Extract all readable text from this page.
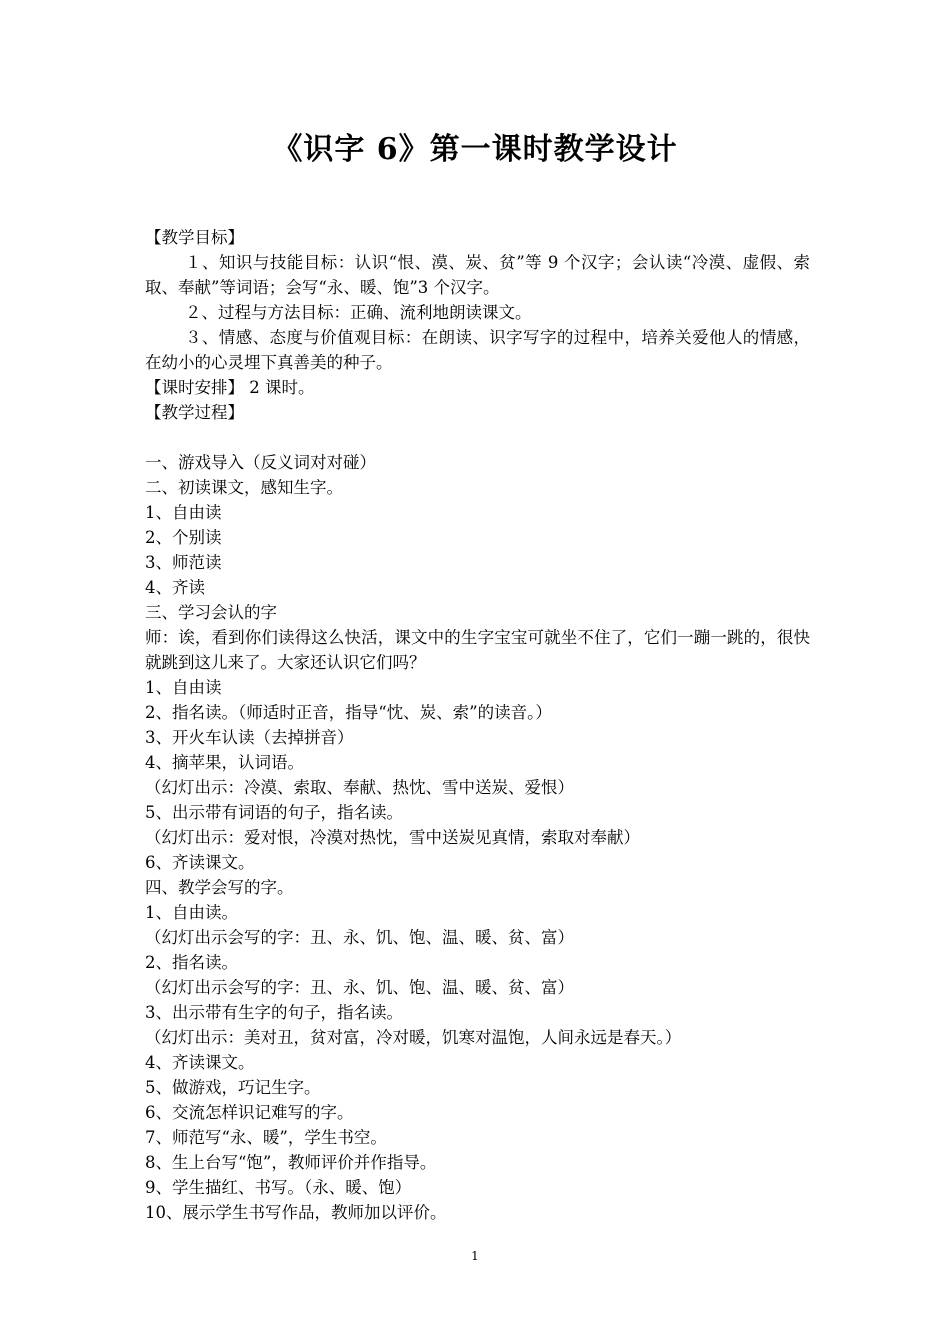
《识字 6》第一课时教学设计

【教学目标】

１、知识与技能目标：认识“恨、漠、炭、贫”等 9 个汉字；会认读“冷漠、虚假、索取、奉献”等词语；会写“永、暖、饱”3 个汉字。

２、过程与方法目标：正确、流利地朗读课文。

３、情感、态度与价值观目标：在朗读、识字写字的过程中，培养关爱他人的情感，在幼小的心灵埋下真善美的种子。

【课时安排】 2 课时。

【教学过程】

一、游戏导入（反义词对对碰）

二、初读课文，感知生字。

1、自由读

2、个别读

3、师范读

4、齐读

三、学习会认的字

师：诶，看到你们读得这么快活，课文中的生字宝宝可就坐不住了，它们一蹦一跳的，很快就跳到这儿来了。大家还认识它们吗？

1、自由读

2、指名读。（师适时正音，指导“忱、炭、索”的读音。）

3、开火车认读（去掉拼音）

4、摘苹果，认词语。

（幻灯出示：冷漠、索取、奉献、热忱、雪中送炭、爱恨）

5、出示带有词语的句子，指名读。

（幻灯出示：爱对恨，冷漠对热忱，雪中送炭见真情，索取对奉献）

6、齐读课文。

四、教学会写的字。

1、自由读。

（幻灯出示会写的字：丑、永、饥、饱、温、暖、贫、富）

2、指名读。

（幻灯出示会写的字：丑、永、饥、饱、温、暖、贫、富）

3、出示带有生字的句子，指名读。

（幻灯出示：美对丑，贫对富，冷对暖，饥寒对温饱，人间永远是春天。）

4、齐读课文。

5、做游戏，巧记生字。

6、交流怎样识记难写的字。

7、师范写“永、暖”，学生书空。

8、生上台写“饱”，教师评价并作指导。

9、学生描红、书写。（永、暖、饱）

10、展示学生书写作品，教师加以评价。

1
